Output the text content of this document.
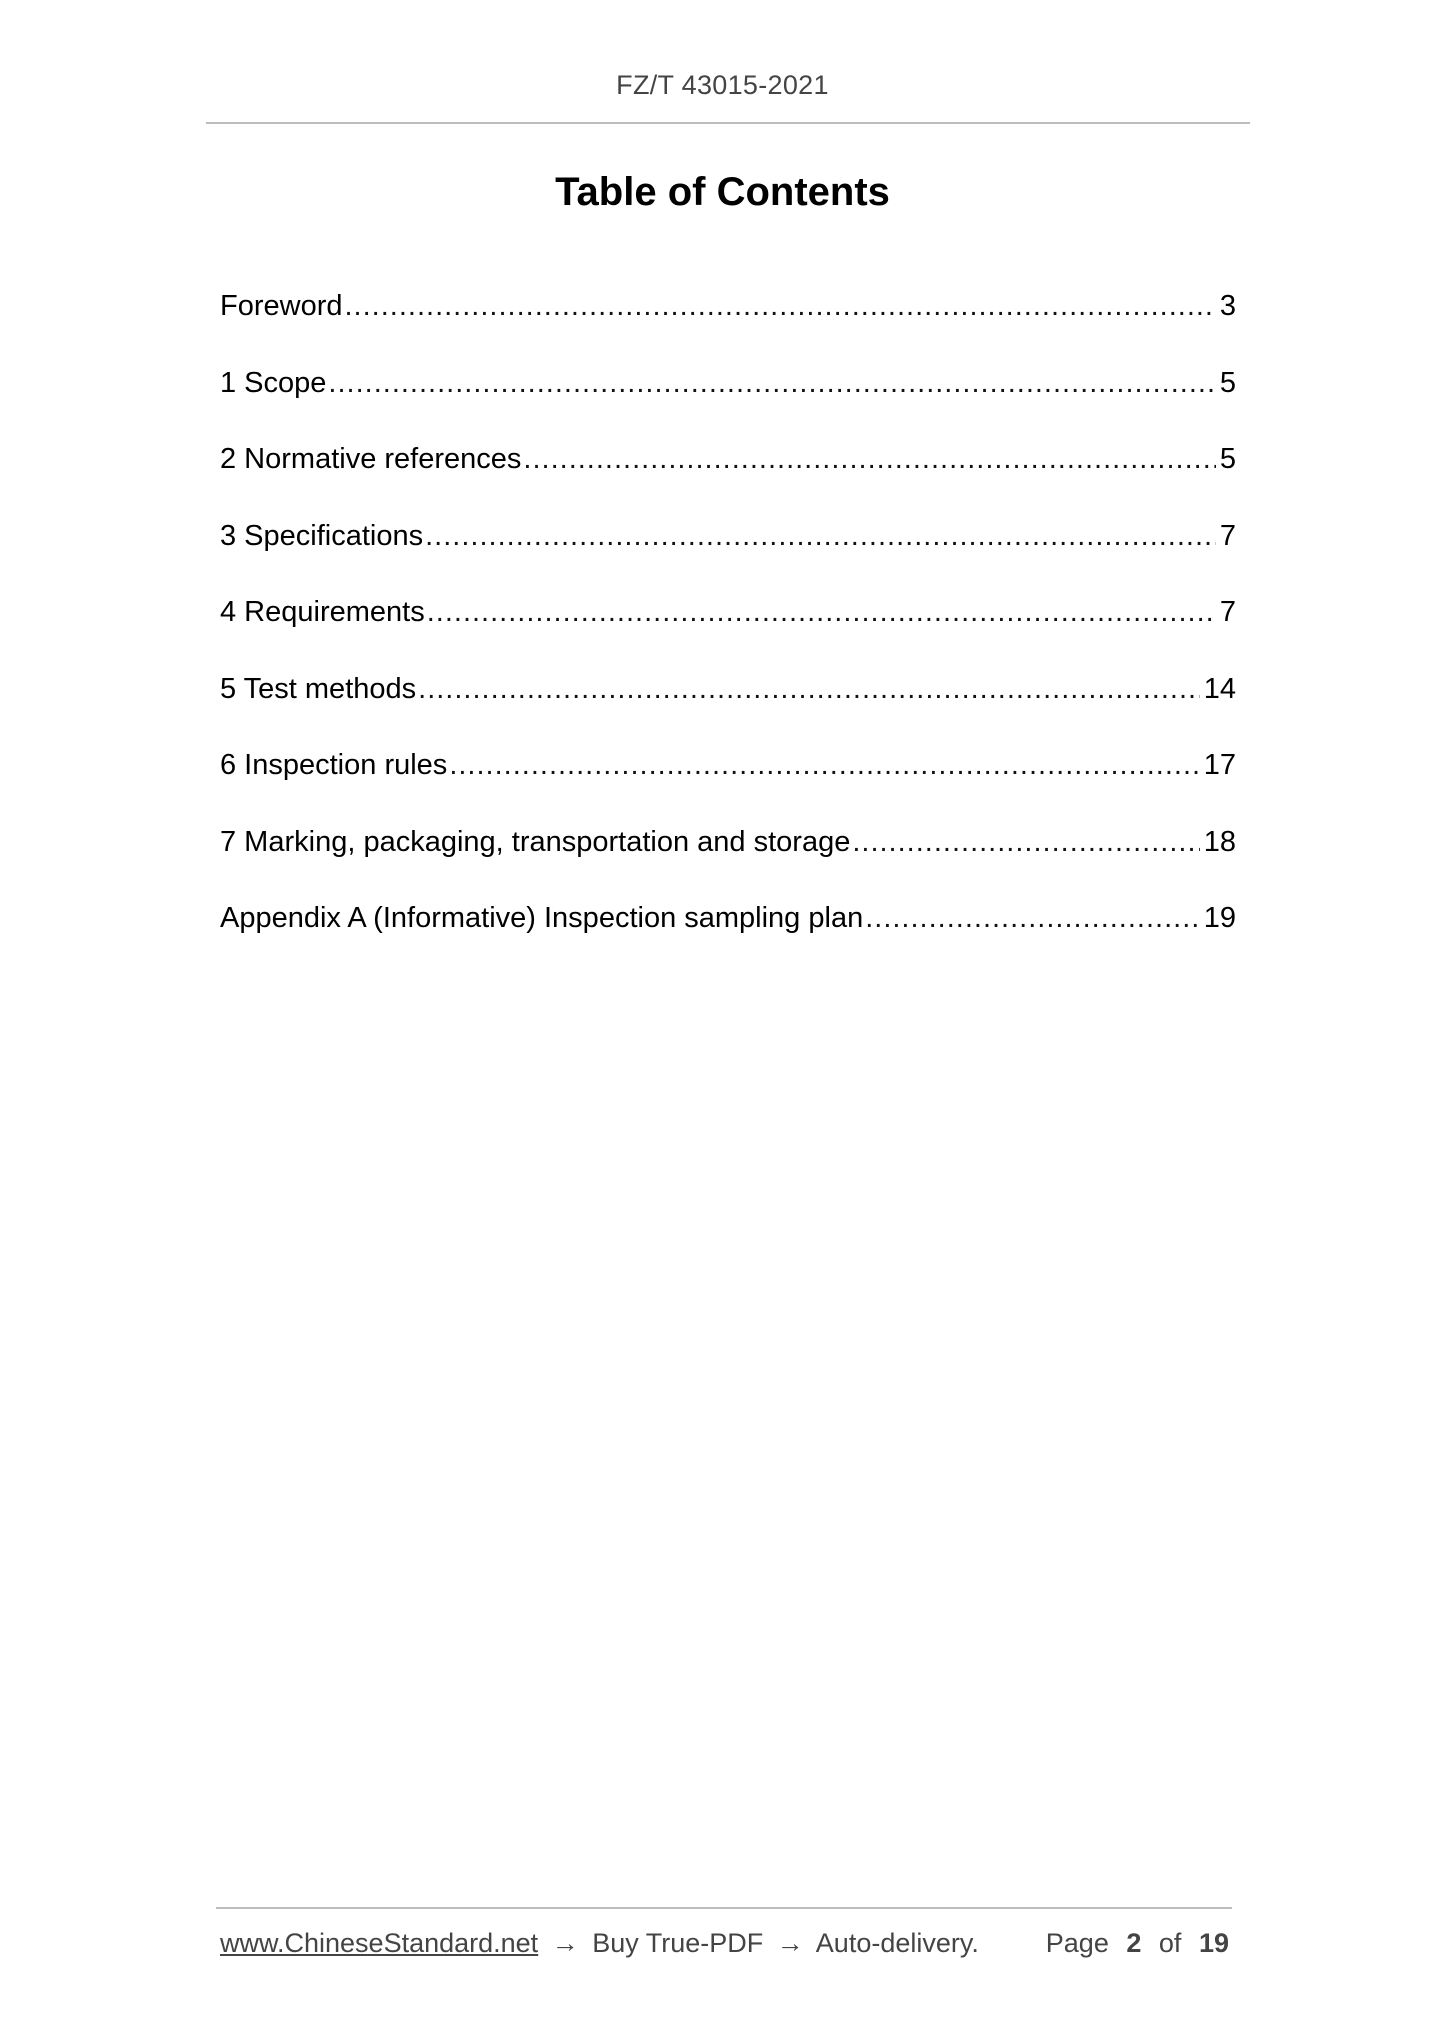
FZ/T 43015-2021
Table of Contents
Foreword .....	3
1 Scope .....	5
2 Normative references .....	5
3 Specifications .....	7
4 Requirements .....	7
5 Test methods .....	14
6 Inspection rules .....	17
7 Marking, packaging, transportation and storage .....	18
Appendix A (Informative) Inspection sampling plan .....	19
www.ChineseStandard.net → Buy True-PDF → Auto-delivery. Page 2 of 19
